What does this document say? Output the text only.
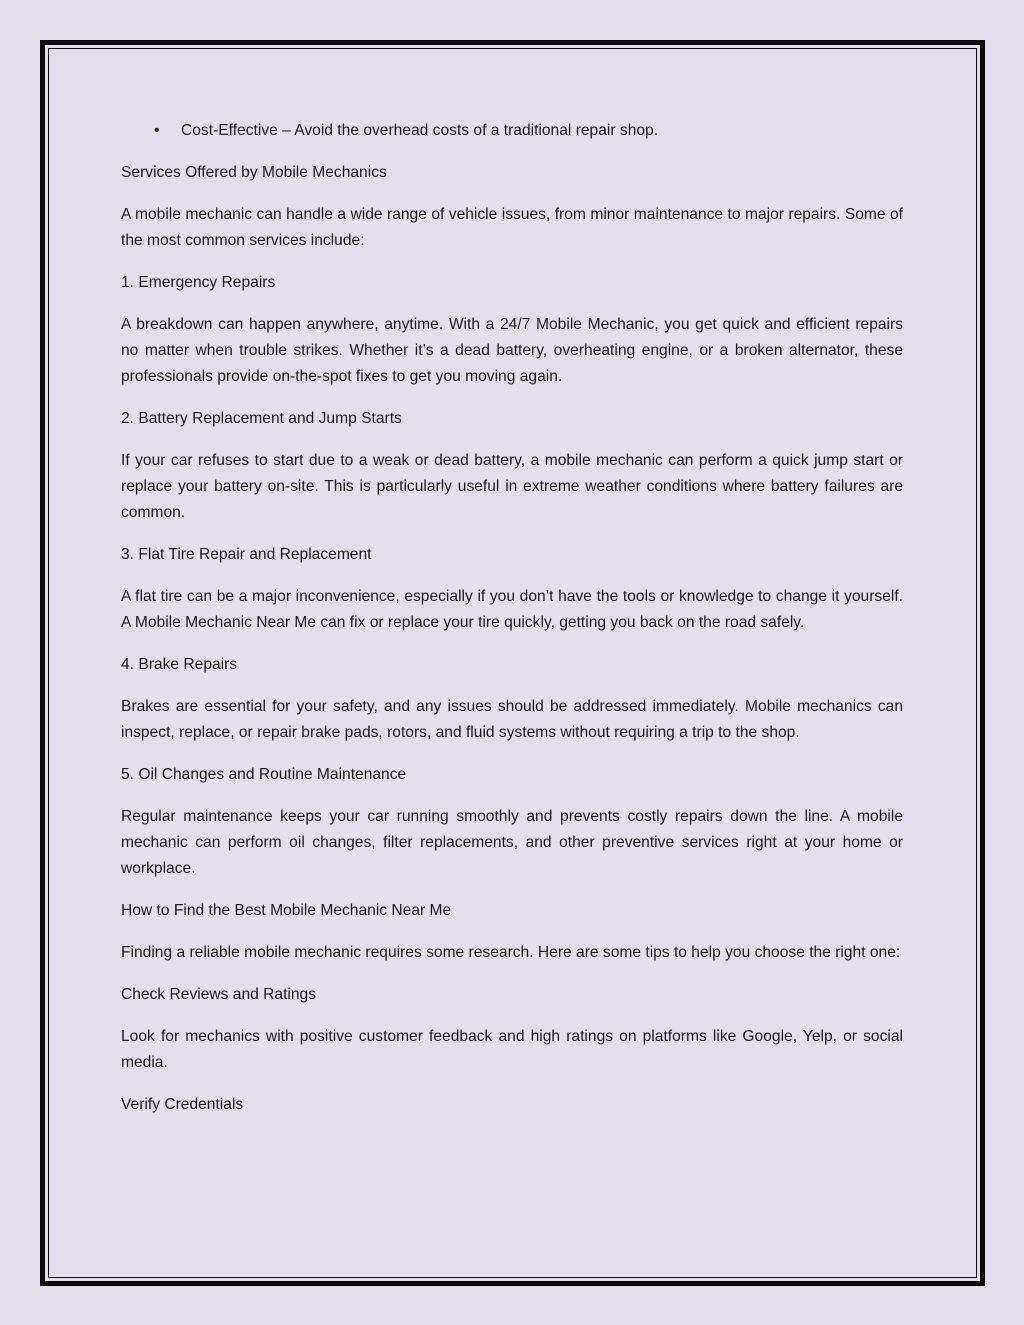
• Cost-Effective – Avoid the overhead costs of a traditional repair shop.
Services Offered by Mobile Mechanics
A mobile mechanic can handle a wide range of vehicle issues, from minor maintenance to major repairs. Some of the most common services include:
1. Emergency Repairs
A breakdown can happen anywhere, anytime. With a 24/7 Mobile Mechanic, you get quick and efficient repairs no matter when trouble strikes. Whether it’s a dead battery, overheating engine, or a broken alternator, these professionals provide on-the-spot fixes to get you moving again.
2. Battery Replacement and Jump Starts
If your car refuses to start due to a weak or dead battery, a mobile mechanic can perform a quick jump start or replace your battery on-site. This is particularly useful in extreme weather conditions where battery failures are common.
3. Flat Tire Repair and Replacement
A flat tire can be a major inconvenience, especially if you don’t have the tools or knowledge to change it yourself. A Mobile Mechanic Near Me can fix or replace your tire quickly, getting you back on the road safely.
4. Brake Repairs
Brakes are essential for your safety, and any issues should be addressed immediately. Mobile mechanics can inspect, replace, or repair brake pads, rotors, and fluid systems without requiring a trip to the shop.
5. Oil Changes and Routine Maintenance
Regular maintenance keeps your car running smoothly and prevents costly repairs down the line. A mobile mechanic can perform oil changes, filter replacements, and other preventive services right at your home or workplace.
How to Find the Best Mobile Mechanic Near Me
Finding a reliable mobile mechanic requires some research. Here are some tips to help you choose the right one:
Check Reviews and Ratings
Look for mechanics with positive customer feedback and high ratings on platforms like Google, Yelp, or social media.
Verify Credentials
